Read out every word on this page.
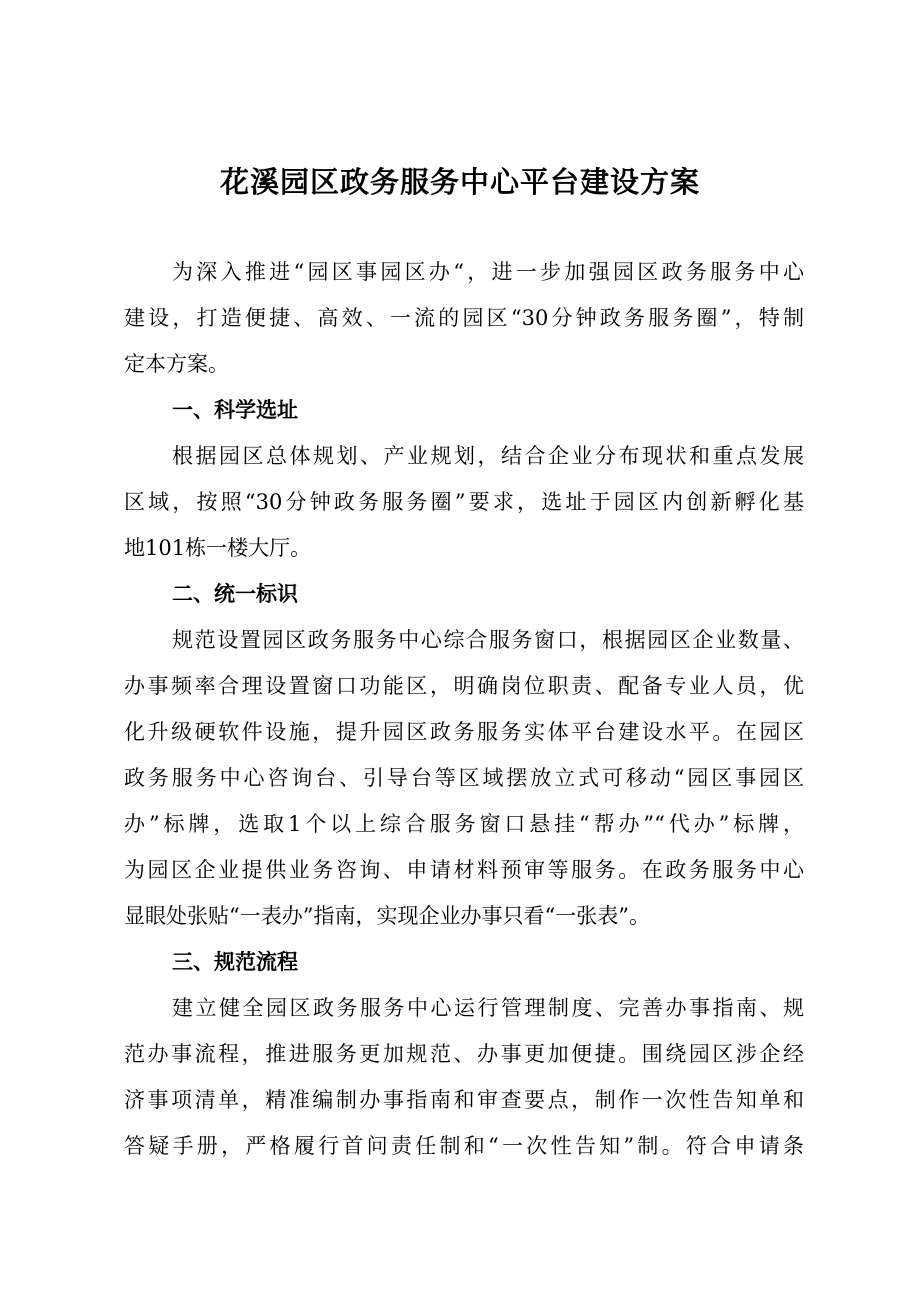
花溪园区政务服务中心平台建设方案

为深入推进“园区事园区办“，进一步加强园区政务服务中心

建设，打造便捷、高效、一流的园区“30分钟政务服务圈”，特制

定本方案。

一、科学选址

根据园区总体规划、产业规划，结合企业分布现状和重点发展

区域，按照“30分钟政务服务圈”要求，选址于园区内创新孵化基

地101栋一楼大厅。

二、统一标识

规范设置园区政务服务中心综合服务窗口，根据园区企业数量、

办事频率合理设置窗口功能区，明确岗位职责、配备专业人员，优

化升级硬软件设施，提升园区政务服务实体平台建设水平。在园区

政务服务中心咨询台、引导台等区域摆放立式可移动“园区事园区

办”标牌，选取1个以上综合服务窗口悬挂“帮办”“代办”标牌，

为园区企业提供业务咨询、申请材料预审等服务。在政务服务中心

显眼处张贴“一表办”指南，实现企业办事只看“一张表”。

三、规范流程

建立健全园区政务服务中心运行管理制度、完善办事指南、规

范办事流程，推进服务更加规范、办事更加便捷。围绕园区涉企经

济事项清单，精准编制办事指南和审查要点，制作一次性告知单和

答疑手册，严格履行首问责任制和“一次性告知”制。符合申请条
